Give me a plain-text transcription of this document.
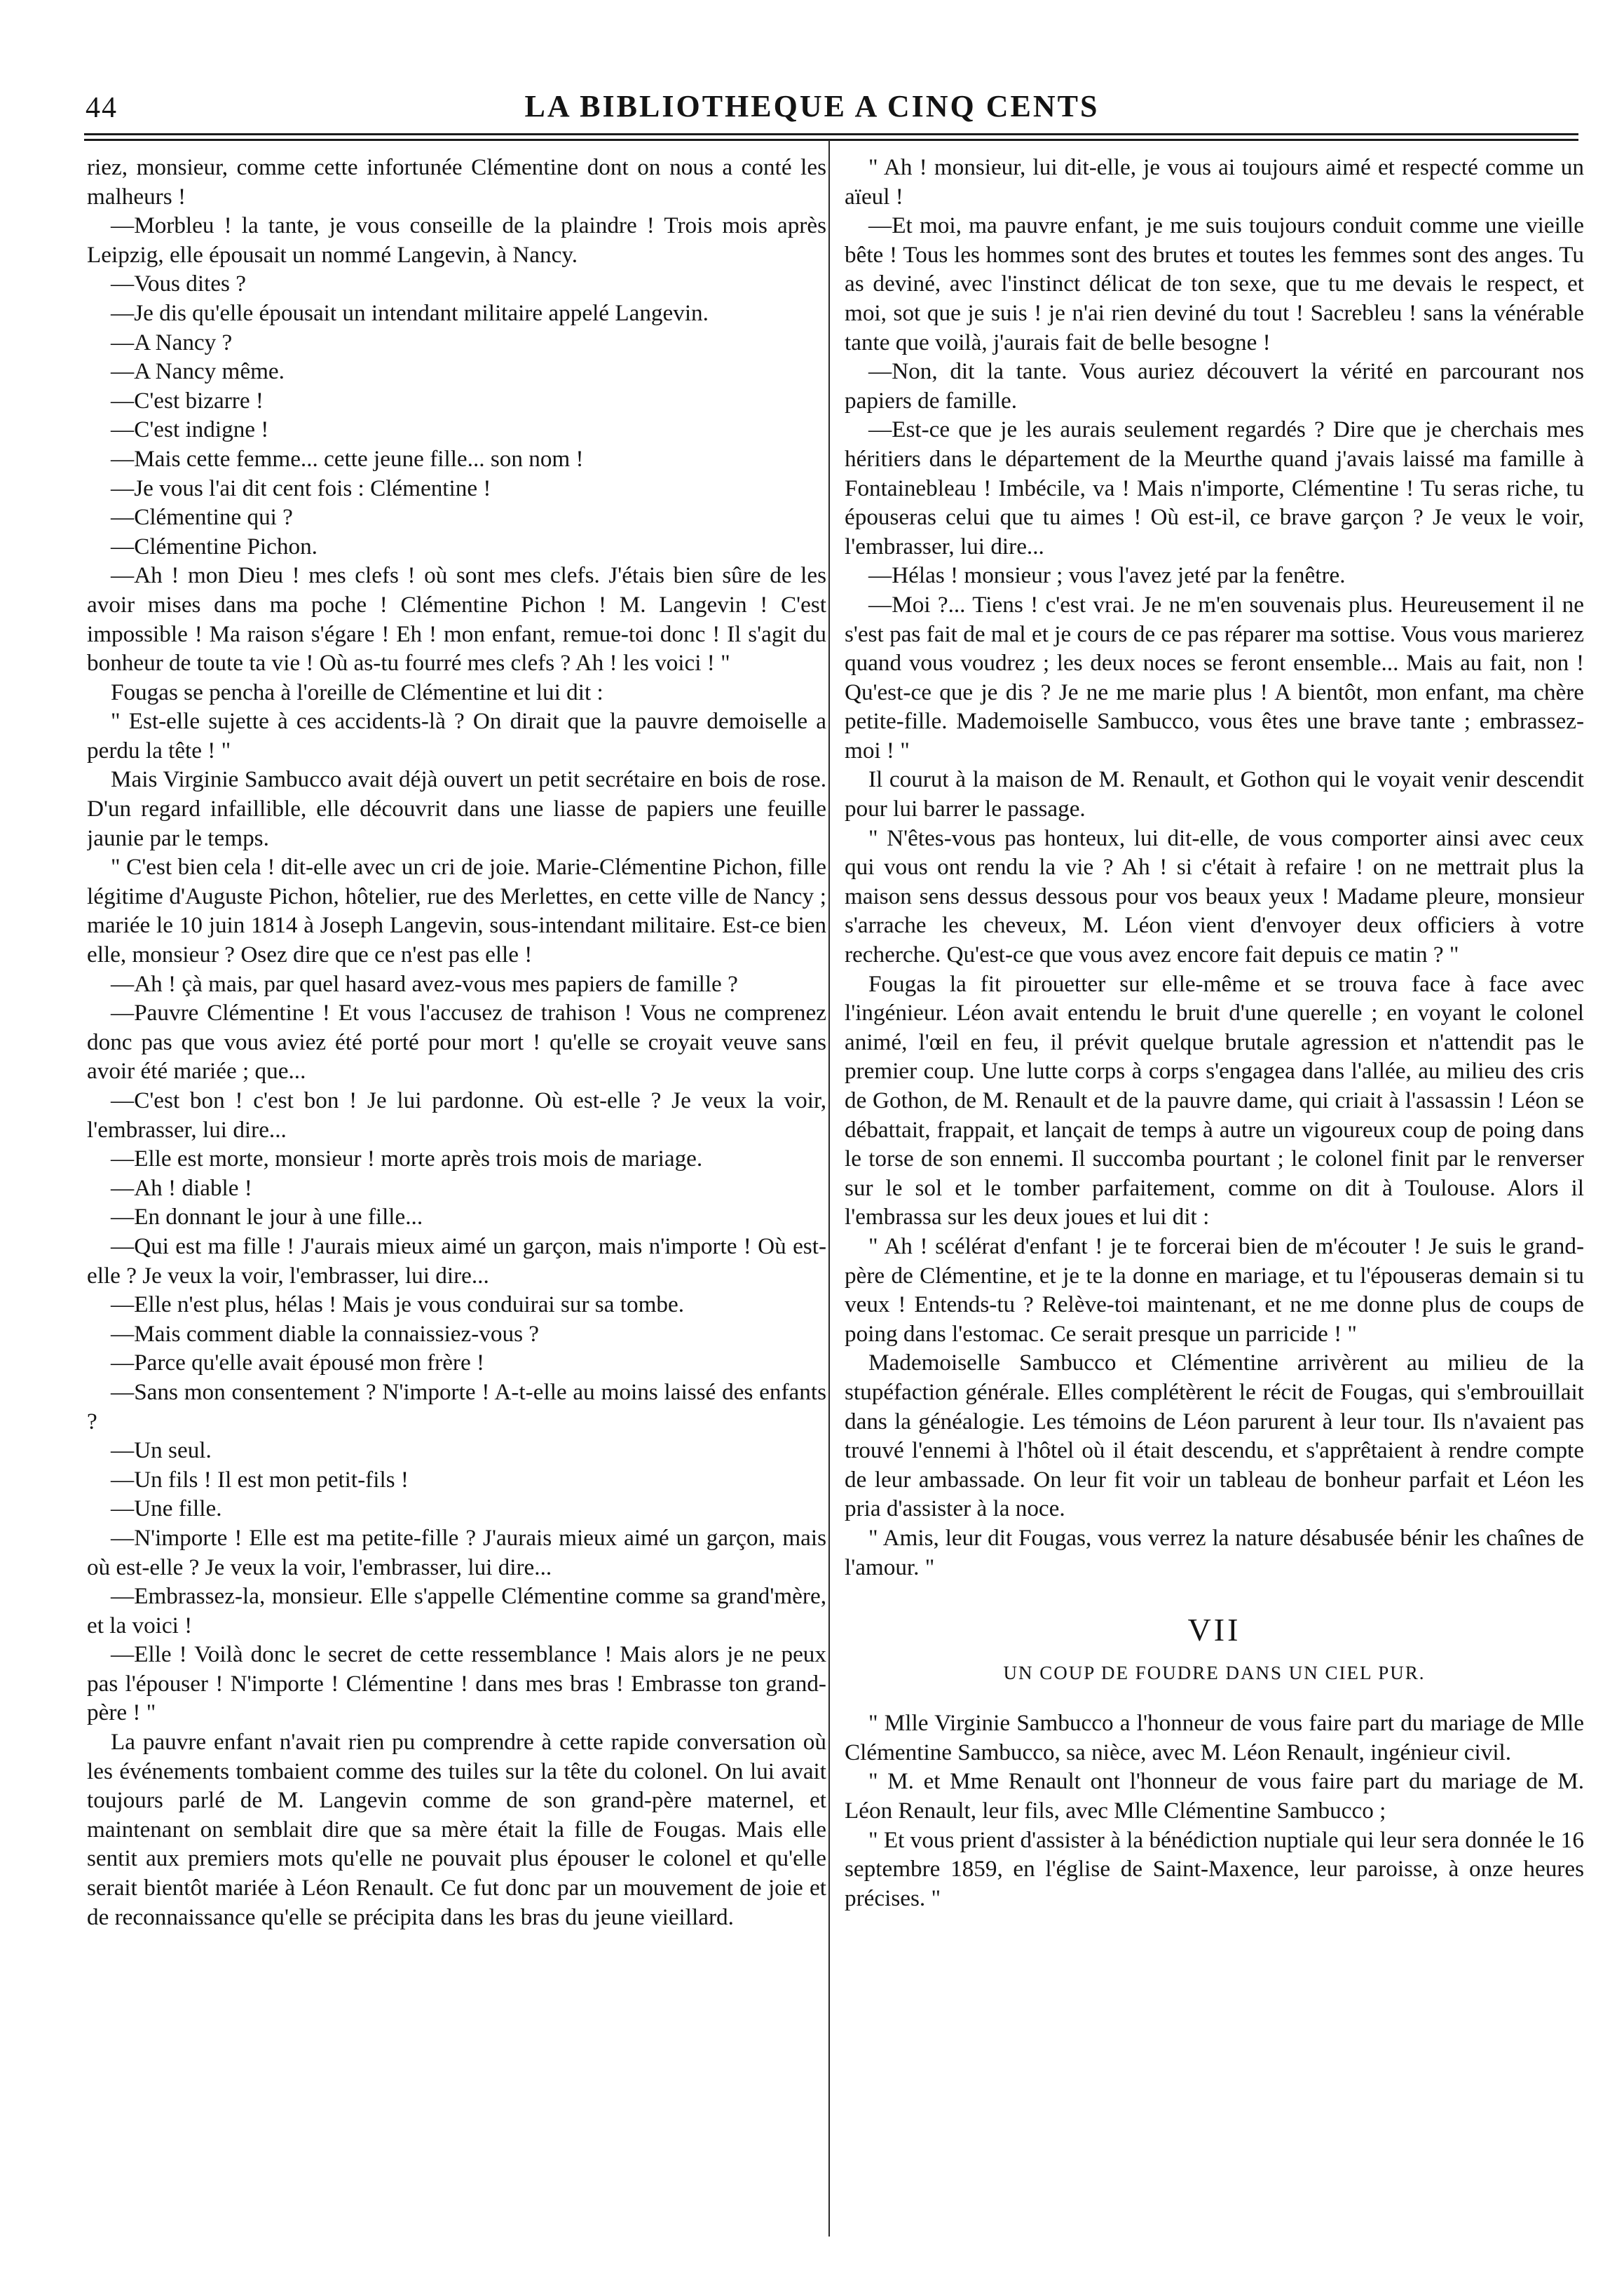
44	LA BIBLIOTHEQUE A CINQ CENTS

riez, monsieur, comme cette infortunée Clémentine dont on nous a conté les malheurs !

—Morbleu ! la tante, je vous conseille de la plaindre ! Trois mois après Leipzig, elle épousait un nommé Langevin, à Nancy.

—Vous dites ?

—Je dis qu'elle épousait un intendant militaire appelé Langevin.

—A Nancy ?

—A Nancy même.

—C'est bizarre !

—C'est indigne !

—Mais cette femme... cette jeune fille... son nom !

—Je vous l'ai dit cent fois : Clémentine !

—Clémentine qui ?

—Clémentine Pichon.

—Ah ! mon Dieu ! mes clefs ! où sont mes clefs. J'étais bien sûre de les avoir mises dans ma poche ! Clémentine Pichon ! M. Langevin ! C'est impossible ! Ma raison s'égare ! Eh ! mon enfant, remue-toi donc ! Il s'agit du bonheur de toute ta vie ! Où as-tu fourré mes clefs ? Ah ! les voici ! "

Fougas se pencha à l'oreille de Clémentine et lui dit :

" Est-elle sujette à ces accidents-là ? On dirait que la pauvre demoiselle a perdu la tête ! "

Mais Virginie Sambucco avait déjà ouvert un petit secrétaire en bois de rose. D'un regard infaillible, elle découvrit dans une liasse de papiers une feuille jaunie par le temps.

" C'est bien cela ! dit-elle avec un cri de joie. Marie-Clémentine Pichon, fille légitime d'Auguste Pichon, hôtelier, rue des Merlettes, en cette ville de Nancy ; mariée le 10 juin 1814 à Joseph Langevin, sous-intendant militaire. Est-ce bien elle, monsieur ? Osez dire que ce n'est pas elle !

—Ah ! çà mais, par quel hasard avez-vous mes papiers de famille ?

—Pauvre Clémentine ! Et vous l'accusez de trahison ! Vous ne comprenez donc pas que vous aviez été porté pour mort ! qu'elle se croyait veuve sans avoir été mariée ; que...

—C'est bon ! c'est bon ! Je lui pardonne. Où est-elle ? Je veux la voir, l'embrasser, lui dire...

—Elle est morte, monsieur ! morte après trois mois de mariage.

—Ah ! diable !

—En donnant le jour à une fille...

—Qui est ma fille ! J'aurais mieux aimé un garçon, mais n'importe ! Où est-elle ? Je veux la voir, l'embrasser, lui dire...

—Elle n'est plus, hélas ! Mais je vous conduirai sur sa tombe.

—Mais comment diable la connaissiez-vous ?

—Parce qu'elle avait épousé mon frère !

—Sans mon consentement ? N'importe ! A-t-elle au moins laissé des enfants ?

—Un seul.

—Un fils ! Il est mon petit-fils !

—Une fille.

—N'importe ! Elle est ma petite-fille ? J'aurais mieux aimé un garçon, mais où est-elle ? Je veux la voir, l'embrasser, lui dire...

—Embrassez-la, monsieur. Elle s'appelle Clémentine comme sa grand'mère, et la voici !

—Elle ! Voilà donc le secret de cette ressemblance ! Mais alors je ne peux pas l'épouser ! N'importe ! Clémentine ! dans mes bras ! Embrasse ton grand-père ! "

La pauvre enfant n'avait rien pu comprendre à cette rapide conversation où les événements tombaient comme des tuiles sur la tête du colonel. On lui avait toujours parlé de M. Langevin comme de son grand-père maternel, et maintenant on semblait dire que sa mère était la fille de Fougas. Mais elle sentit aux premiers mots qu'elle ne pouvait plus épouser le colonel et qu'elle serait bientôt mariée à Léon Renault. Ce fut donc par un mouvement de joie et de reconnaissance qu'elle se précipita dans les bras du jeune vieillard.

" Ah ! monsieur, lui dit-elle, je vous ai toujours aimé et respecté comme un aïeul !

—Et moi, ma pauvre enfant, je me suis toujours conduit comme une vieille bête ! Tous les hommes sont des brutes et toutes les femmes sont des anges. Tu as deviné, avec l'instinct délicat de ton sexe, que tu me devais le respect, et moi, sot que je suis ! je n'ai rien deviné du tout ! Sacrebleu ! sans la vénérable tante que voilà, j'aurais fait de belle besogne !

—Non, dit la tante. Vous auriez découvert la vérité en parcourant nos papiers de famille.

—Est-ce que je les aurais seulement regardés ? Dire que je cherchais mes héritiers dans le département de la Meurthe quand j'avais laissé ma famille à Fontainebleau ! Imbécile, va ! Mais n'importe, Clémentine ! Tu seras riche, tu épouseras celui que tu aimes ! Où est-il, ce brave garçon ? Je veux le voir, l'embrasser, lui dire...

—Hélas ! monsieur ; vous l'avez jeté par la fenêtre.

—Moi ?... Tiens ! c'est vrai. Je ne m'en souvenais plus. Heureusement il ne s'est pas fait de mal et je cours de ce pas réparer ma sottise. Vous vous marierez quand vous voudrez ; les deux noces se feront ensemble... Mais au fait, non ! Qu'est-ce que je dis ? Je ne me marie plus ! A bientôt, mon enfant, ma chère petite-fille. Mademoiselle Sambucco, vous êtes une brave tante ; embrassez-moi ! "

Il courut à la maison de M. Renault, et Gothon qui le voyait venir descendit pour lui barrer le passage.

" N'êtes-vous pas honteux, lui dit-elle, de vous comporter ainsi avec ceux qui vous ont rendu la vie ? Ah ! si c'était à refaire ! on ne mettrait plus la maison sens dessus dessous pour vos beaux yeux ! Madame pleure, monsieur s'arrache les cheveux, M. Léon vient d'envoyer deux officiers à votre recherche. Qu'est-ce que vous avez encore fait depuis ce matin ? "

Fougas la fit pirouetter sur elle-même et se trouva face à face avec l'ingénieur. Léon avait entendu le bruit d'une querelle ; en voyant le colonel animé, l'œil en feu, il prévit quelque brutale agression et n'attendit pas le premier coup. Une lutte corps à corps s'engagea dans l'allée, au milieu des cris de Gothon, de M. Renault et de la pauvre dame, qui criait à l'assassin ! Léon se débattait, frappait, et lançait de temps à autre un vigoureux coup de poing dans le torse de son ennemi. Il succomba pourtant ; le colonel finit par le renverser sur le sol et le tomber parfaitement, comme on dit à Toulouse. Alors il l'embrassa sur les deux joues et lui dit :

" Ah ! scélérat d'enfant ! je te forcerai bien de m'écouter ! Je suis le grand-père de Clémentine, et je te la donne en mariage, et tu l'épouseras demain si tu veux ! Entends-tu ? Relève-toi maintenant, et ne me donne plus de coups de poing dans l'estomac. Ce serait presque un parricide ! "

Mademoiselle Sambucco et Clémentine arrivèrent au milieu de la stupéfaction générale. Elles complétèrent le récit de Fougas, qui s'embrouillait dans la généalogie. Les témoins de Léon parurent à leur tour. Ils n'avaient pas trouvé l'ennemi à l'hôtel où il était descendu, et s'apprêtaient à rendre compte de leur ambassade. On leur fit voir un tableau de bonheur parfait et Léon les pria d'assister à la noce.

" Amis, leur dit Fougas, vous verrez la nature désabusée bénir les chaînes de l'amour. "

VII
UN COUP DE FOUDRE DANS UN CIEL PUR.

" Mlle Virginie Sambucco a l'honneur de vous faire part du mariage de Mlle Clémentine Sambucco, sa nièce, avec M. Léon Renault, ingénieur civil.

" M. et Mme Renault ont l'honneur de vous faire part du mariage de M. Léon Renault, leur fils, avec Mlle Clémentine Sambucco ;

" Et vous prient d'assister à la bénédiction nuptiale qui leur sera donnée le 16 septembre 1859, en l'église de Saint-Maxence, leur paroisse, à onze heures précises. "
